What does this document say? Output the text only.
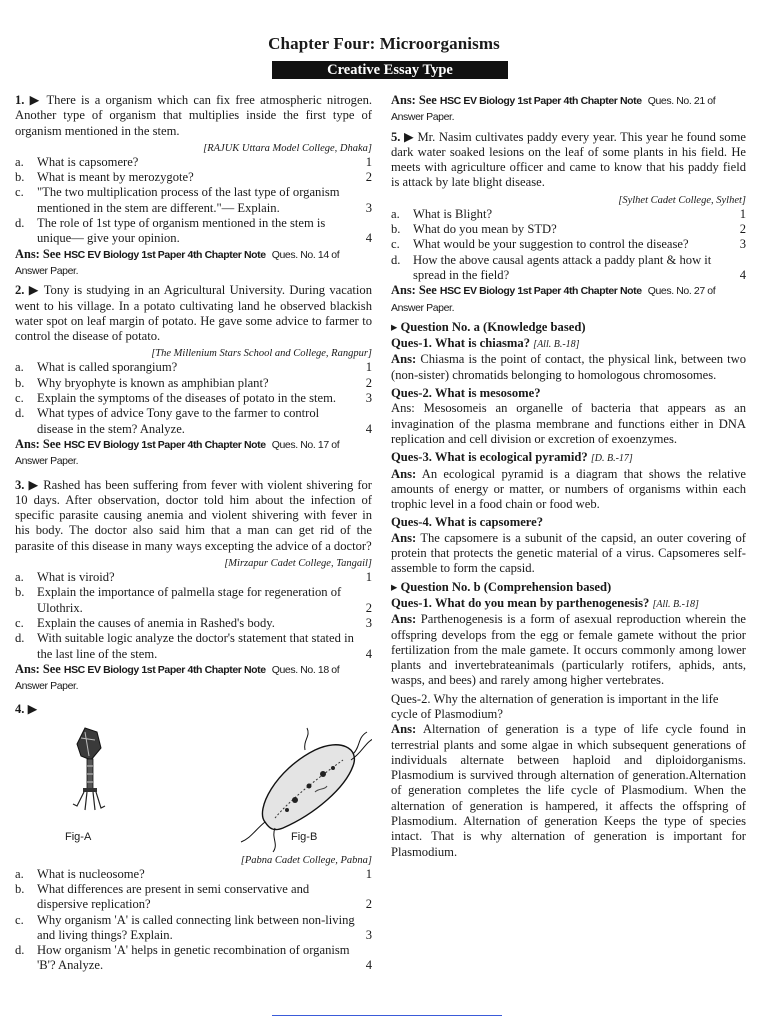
Chapter Four: Microorganisms
Creative Essay Type
1. ▶ There is a organism which can fix free atmospheric nitrogen. Another type of organism that multiplies inside the first type of organism mentioned in the stem.
[RAJUK Uttara Model College, Dhaka]
a. What is capsomere?	1
b. What is meant by merozygote?	2
c. "The two multiplication process of the last type of organism mentioned in the stem are different."— Explain.	3
d. The role of 1st type of organism mentioned in the stem is unique— give your opinion.	4
Ans: See HSC EV Biology 1st Paper 4th Chapter Note Ques. No. 14 of Answer Paper.
2. ▶ Tony is studying in an Agricultural University. During vacation went to his village. In a potato cultivating land he observed blackish water spot on leaf margin of potato. He gave some advice to farmer to control the disease of potato.
[The Millenium Stars School and College, Rangpur]
a. What is called sporangium?	1
b. Why bryophyte is known as amphibian plant?	2
c. Explain the symptoms of the diseases of potato in the stem. 3
d. What types of advice Tony gave to the farmer to control disease in the stem? Analyze.	4
Ans: See HSC EV Biology 1st Paper 4th Chapter Note Ques. No. 17 of Answer Paper.
3. ▶ Rashed has been suffering from fever with violent shivering for 10 days. After observation, doctor told him about the infection of specific parasite causing anemia and violent shivering with fever in his body. The doctor also said him that a man can get rid of the parasite of this disease in many ways excepting the advice of a doctor?
[Mirzapur Cadet College, Tangail]
a. What is viroid?	1
b. Explain the importance of palmella stage for regeneration of Ulothrix.	2
c. Explain the causes of anemia in Rashed's body.	3
d. With suitable logic analyze the doctor's statement that stated in the last line of the stem.	4
Ans: See HSC EV Biology 1st Paper 4th Chapter Note Ques. No. 18 of Answer Paper.
4. ▶
Fig-A	Fig-B
[Pabna Cadet College, Pabna]
a. What is nucleosome?	1
b. What differences are present in semi conservative and dispersive replication?	2
c. Why organism 'A' is called connecting link between non-living and living things? Explain.	3
d. How organism 'A' helps in genetic recombination of organism 'B'? Analyze.	4
Ans: See HSC EV Biology 1st Paper 4th Chapter Note Ques. No. 21 of Answer Paper.
5. ▶ Mr. Nasim cultivates paddy every year. This year he found some dark water soaked lesions on the leaf of some plants in his field. He meets with agriculture officer and came to know that his paddy field is attack by late blight disease.
[Sylhet Cadet College, Sylhet]
a. What is Blight?	1
b. What do you mean by STD?	2
c. What would be your suggestion to control the disease?	3
d. How the above causal agents attack a paddy plant & how it spread in the field?	4
Ans: See HSC EV Biology 1st Paper 4th Chapter Note Ques. No. 27 of Answer Paper.
▸ Question No. a (Knowledge based)
Ques-1. What is chiasma? [All. B.-18]
Ans: Chiasma is the point of contact, the physical link, between two (non-sister) chromatids belonging to homologous chromosomes.
Ques-2. What is mesosome?
Ans: Mesosomeis an organelle of bacteria that appears as an invagination of the plasma membrane and functions either in DNA replication and cell division or excretion of exoenzymes.
Ques-3. What is ecological pyramid? [D. B.-17]
Ans: An ecological pyramid is a diagram that shows the relative amounts of energy or matter, or numbers of organisms within each trophic level in a food chain or food web.
Ques-4. What is capsomere?
Ans: The capsomere is a subunit of the capsid, an outer covering of protein that protects the genetic material of a virus. Capsomeres self-assemble to form the capsid.
▸ Question No. b (Comprehension based)
Ques-1. What do you mean by parthenogenesis? [All. B.-18]
Ans: Parthenogenesis is a form of asexual reproduction wherein the offspring develops from the egg or female gamete without the prior fertilization from the male gamete. It occurs commonly among lower plants and invertebrateanimals (particularly rotifers, aphids, ants, wasps, and bees) and rarely among higher vertebrates.
Ques-2. Why the alternation of generation is important in the life cycle of Plasmodium?
Ans: Alternation of generation is a type of life cycle found in terrestrial plants and some algae in which subsequent generations of individuals alternate between haploid and diploidorganisms. Plasmodium is survived through alternation of generation.Alternation of generation completes the life cycle of Plasmodium. When the alternation of generation is hampered, it affects the offspring of Plasmodium. Alternation of generation Keeps the type of species intact. That is why alternation of generation is important for Plasmodium.
